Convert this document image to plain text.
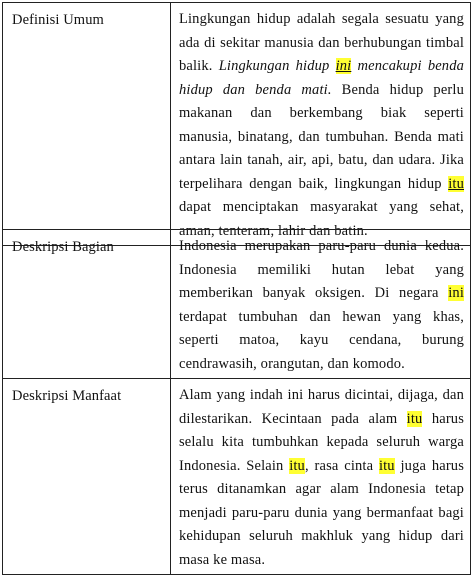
Definisi Umum	Lingkungan hidup adalah segala sesuatu yang ada di sekitar manusia dan berhubungan timbal balik. Lingkungan hidup ini mencakupi benda hidup dan benda mati. Benda hidup perlu makanan dan berkembang biak seperti manusia, binatang, dan tumbuhan. Benda mati antara lain tanah, air, api, batu, dan udara. Jika terpelihara dengan baik, lingkungan hidup itu dapat menciptakan masyarakat yang sehat, aman, tenteram, lahir dan batin.
Deskripsi Bagian	Indonesia merupakan paru-paru dunia kedua. Indonesia memiliki hutan lebat yang memberikan banyak oksigen. Di negara ini terdapat tumbuhan dan hewan yang khas, seperti matoa, kayu cendana, burung cendrawasih, orangutan, dan komodo.
Deskripsi Manfaat	Alam yang indah ini harus dicintai, dijaga, dan dilestarikan. Kecintaan pada alam itu harus selalu kita tumbuhkan kepada seluruh warga Indonesia. Selain itu, rasa cinta itu juga harus terus ditanamkan agar alam Indonesia tetap menjadi paru-paru dunia yang bermanfaat bagi kehidupan seluruh makhluk yang hidup dari masa ke masa.
